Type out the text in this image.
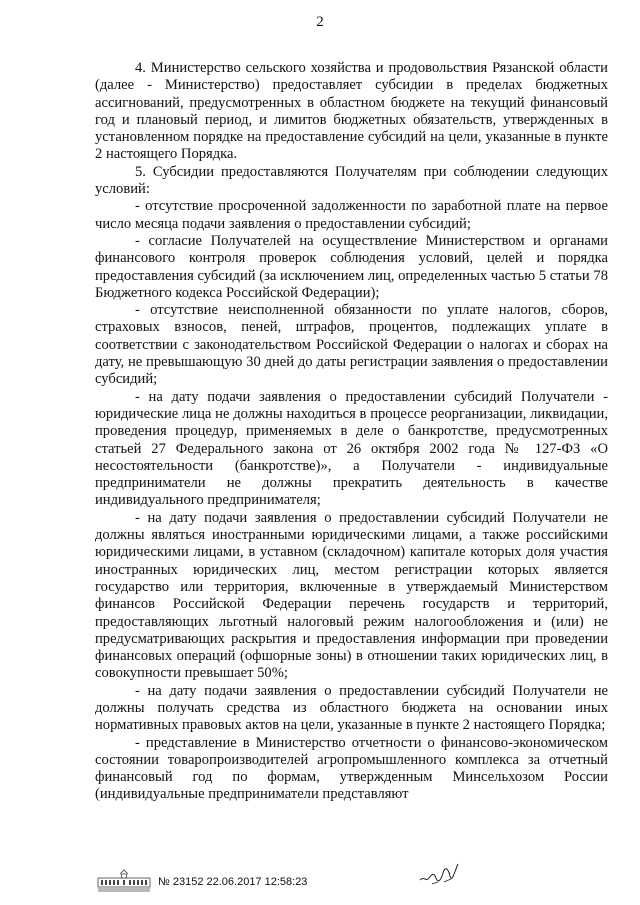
2

4. Министерство сельского хозяйства и продовольствия Рязанской области (далее - Министерство) предоставляет субсидии в пределах бюджетных ассигнований, предусмотренных в областном бюджете на текущий финансовый год и плановый период, и лимитов бюджетных обязательств, утвержденных в установленном порядке на предоставление субсидий на цели, указанные в пункте 2 настоящего Порядка.

5. Субсидии предоставляются Получателям при соблюдении следующих условий:

- отсутствие просроченной задолженности по заработной плате на первое число месяца подачи заявления о предоставлении субсидий;

- согласие Получателей на осуществление Министерством и органами финансового контроля проверок соблюдения условий, целей и порядка предоставления субсидий (за исключением лиц, определенных частью 5 статьи 78 Бюджетного кодекса Российской Федерации);

- отсутствие неисполненной обязанности по уплате налогов, сборов, страховых взносов, пеней, штрафов, процентов, подлежащих уплате в соответствии с законодательством Российской Федерации о налогах и сборах на дату, не превышающую 30 дней до даты регистрации заявления о предоставлении субсидий;

- на дату подачи заявления о предоставлении субсидий Получатели - юридические лица не должны находиться в процессе реорганизации, ликвидации, проведения процедур, применяемых в деле о банкротстве, предусмотренных статьей 27 Федерального закона от 26 октября 2002 года № 127-ФЗ «О несостоятельности (банкротстве)», а Получатели - индивидуальные предприниматели не должны прекратить деятельность в качестве индивидуального предпринимателя;

- на дату подачи заявления о предоставлении субсидий Получатели не должны являться иностранными юридическими лицами, а также российскими юридическими лицами, в уставном (складочном) капитале которых доля участия иностранных юридических лиц, местом регистрации которых является государство или территория, включенные в утверждаемый Министерством финансов Российской Федерации перечень государств и территорий, предоставляющих льготный налоговый режим налогообложения и (или) не предусматривающих раскрытия и предоставления информации при проведении финансовых операций (офшорные зоны) в отношении таких юридических лиц, в совокупности превышает 50%;

- на дату подачи заявления о предоставлении субсидий Получатели не должны получать средства из областного бюджета на основании иных нормативных правовых актов на цели, указанные в пункте 2 настоящего Порядка;

- представление в Министерство отчетности о финансово-экономическом состоянии товаропроизводителей агропромышленного комплекса за отчетный финансовый год по формам, утвержденным Минсельхозом России (индивидуальные предприниматели представляют

№ 23152 22.06.2017 12:58:23
